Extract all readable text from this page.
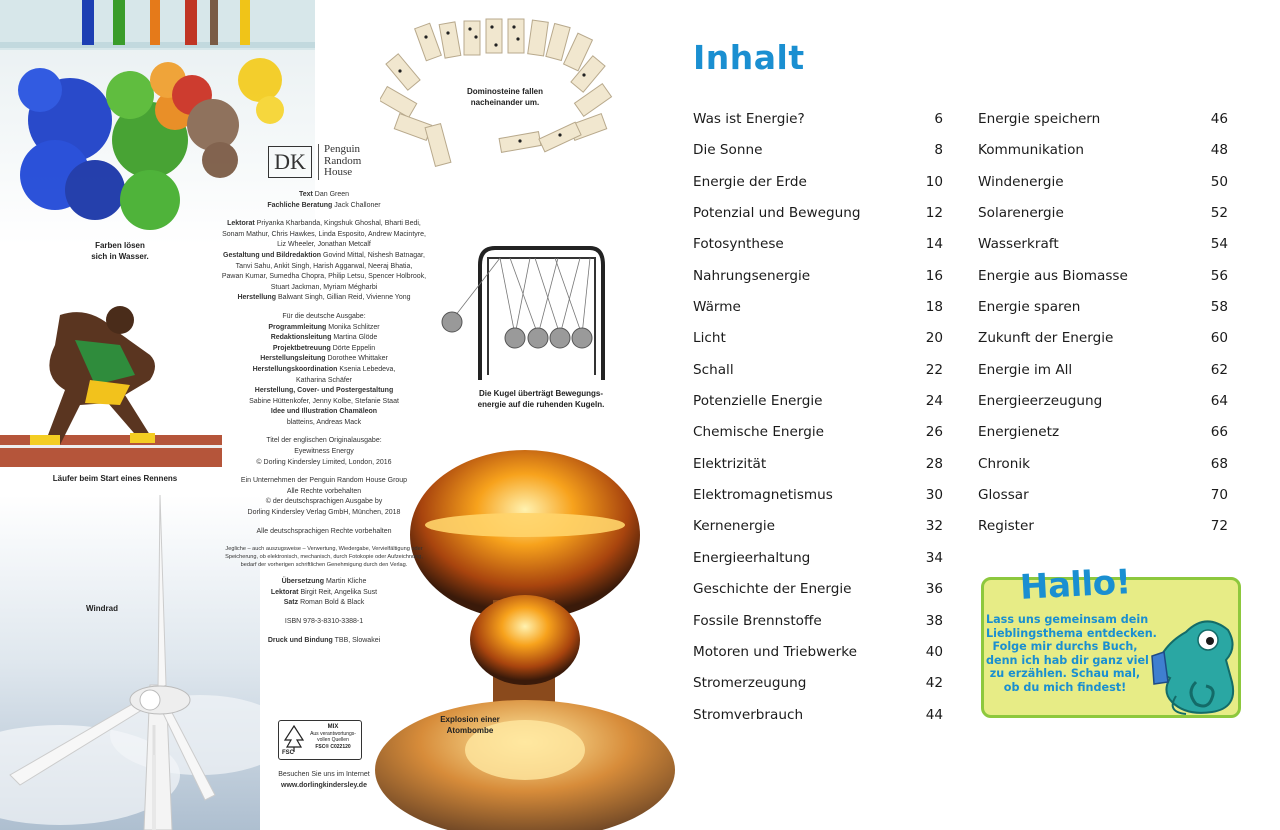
Farben lösen
sich in Wasser.
Läufer beim Start eines Rennens
Windrad
Dominosteine fallen
nacheinander um.
Die Kugel überträgt Bewegungs-
energie auf die ruhenden Kugeln.
Explosion einer
Atombombe
DK	Penguin
Random
House

Text Dan Green

Fachliche Beratung Jack Challoner

Lektorat Priyanka Kharbanda, Kingshuk Ghoshal, Bharti Bedi,

Sonam Mathur, Chris Hawkes, Linda Esposito, Andrew Macintyre,

Liz Wheeler, Jonathan Metcalf

Gestaltung und Bildredaktion Govind Mittal, Nishesh Batnagar,

Tanvi Sahu, Ankit Singh, Harish Aggarwal, Neeraj Bhatia,

Pawan Kumar, Sumedha Chopra, Philip Letsu, Spencer Holbrook,

Stuart Jackman, Myriam Mégharbi

Herstellung Balwant Singh, Gillian Reid, Vivienne Yong

Für die deutsche Ausgabe:

Programmleitung Monika Schlitzer

Redaktionsleitung Martina Glöde

Projektbetreuung Dörte Eppelin

Herstellungsleitung Dorothee Whittaker

Herstellungskoordination Ksenia Lebedeva,

Katharina Schäfer

Herstellung, Cover- und Postergestaltung

Sabine Hüttenkofer, Jenny Kolbe, Stefanie Staat

Idee und Illustration Chamäleon

blatteins, Andreas Mack

Titel der englischen Originalausgabe:

Eyewitness Energy

© Dorling Kindersley Limited, London, 2016

Ein Unternehmen der Penguin Random House Group

Alle Rechte vorbehalten

© der deutschsprachigen Ausgabe by

Dorling Kindersley Verlag GmbH, München, 2018

Alle deutschsprachigen Rechte vorbehalten

Jegliche – auch auszugsweise – Verwertung, Wiedergabe, Vervielfältigung oder

Speicherung, ob elektronisch, mechanisch, durch Fotokopie oder Aufzeichnung,

bedarf der vorherigen schriftlichen Genehmigung durch den Verlag.

Übersetzung Martin Kliche

Lektorat Birgit Reit, Angelika Sust

Satz Roman Bold & Black

ISBN 978-3-8310-3388-1

Druck und Bindung TBB, Slowakei

MIX
Aus verantwortungs-
vollen Quellen
FSC® C022120
FSC
Besuchen Sie uns im Internet
www.dorlingkindersley.de
Inhalt
Was ist Energie?	6
Die Sonne	8
Energie der Erde	10
Potenzial und Bewegung	12
Fotosynthese	14
Nahrungsenergie	16
Wärme	18
Licht	20
Schall	22
Potenzielle Energie	24
Chemische Energie	26
Elektrizität	28
Elektromagnetismus	30
Kernenergie	32
Energieerhaltung	34
Geschichte der Energie	36
Fossile Brennstoffe	38
Motoren und Triebwerke	40
Stromerzeugung	42
Stromverbrauch	44
Energie speichern	46
Kommunikation	48
Windenergie	50
Solarenergie	52
Wasserkraft	54
Energie aus Biomasse	56
Energie sparen	58
Zukunft der Energie	60
Energie im All	62
Energieerzeugung	64
Energienetz	66
Chronik	68
Glossar	70
Register	72
Hallo!
Lass uns gemeinsam dein
Lieblingsthema entdecken.
Folge mir durchs Buch,
denn ich hab dir ganz viel
zu erzählen. Schau mal,
ob du mich findest!
